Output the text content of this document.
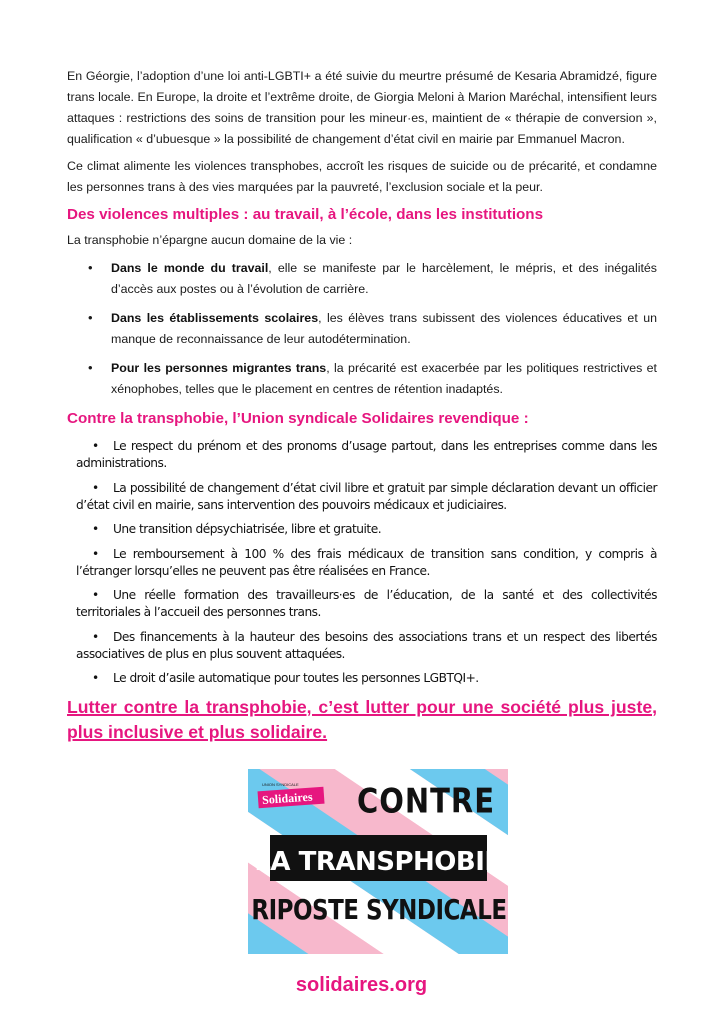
En Géorgie, l’adoption d’une loi anti-LGBTI+ a été suivie du meurtre présumé de Kesaria Abramidzé, figure trans locale. En Europe, la droite et l’extrême droite, de Giorgia Meloni à Marion Maréchal, intensifient leurs attaques : restrictions des soins de transition pour les mineur·es, maintient de « thérapie de conversion », qualification « d’ubuesque » la possibilité de changement d’état civil en mairie par Emmanuel Macron.

Ce climat alimente les violences transphobes, accroît les risques de suicide ou de précarité, et condamne les personnes trans à des vies marquées par la pauvreté, l’exclusion sociale et la peur.

Des violences multiples : au travail, à l’école, dans les institutions

La transphobie n’épargne aucun domaine de la vie :

• Dans le monde du travail, elle se manifeste par le harcèlement, le mépris, et des inégalités d’accès aux postes ou à l’évolution de carrière.
• Dans les établissements scolaires, les élèves trans subissent des violences éducatives et un manque de reconnaissance de leur autodétermination.
• Pour les personnes migrantes trans, la précarité est exacerbée par les politiques restrictives et xénophobes, telles que le placement en centres de rétention inadaptés.
Contre la transphobie, l’Union syndicale Solidaires revendique :

• Le respect du prénom et des pronoms d’usage partout, dans les entreprises comme dans les administrations.

• La possibilité de changement d’état civil libre et gratuit par simple déclaration devant un officier d’état civil en mairie, sans intervention des pouvoirs médicaux et judiciaires.

• Une transition dépsychiatrisée, libre et gratuite.

• Le remboursement à 100 % des frais médicaux de transition sans condition, y compris à l’étranger lorsqu’elles ne peuvent pas être réalisées en France.

• Une réelle formation des travailleurs·es de l’éducation, de la santé et des collectivités territoriales à l’accueil des personnes trans.

• Des financements à la hauteur des besoins des associations trans et un respect des libertés associatives de plus en plus souvent attaquées.

• Le droit d’asile automatique pour toutes les personnes LGBTQI+.

Lutter contre la transphobie, c’est lutter pour une société plus juste, plus inclusive et plus solidaire.

Solidaires
UNION SYNDICALE CONTRE
LA TRANSPHOBIE
RIPOSTE SYNDICALE
solidaires.org
